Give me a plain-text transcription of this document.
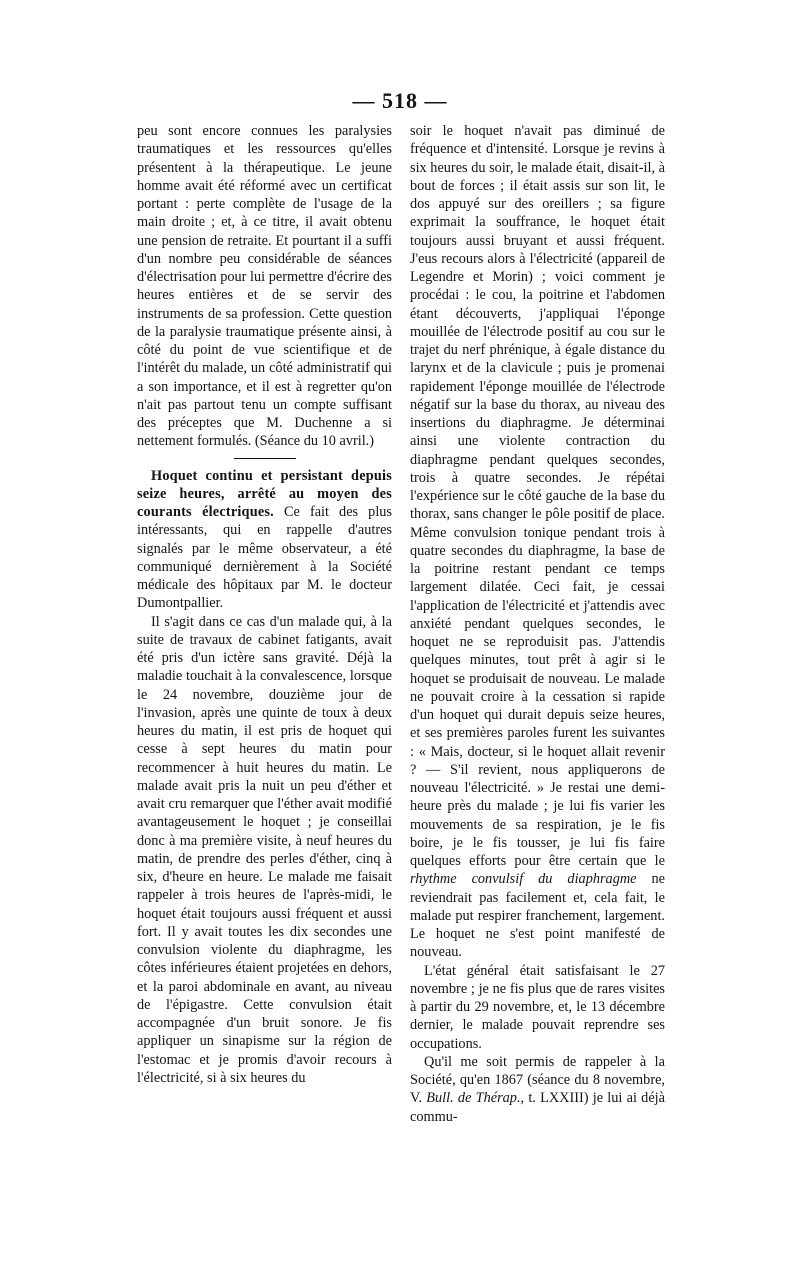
— 518 —

peu sont encore connues les paralysies traumatiques et les ressources qu'elles présentent à la thérapeutique. Le jeune homme avait été réformé avec un certificat portant : perte complète de l'usage de la main droite ; et, à ce titre, il avait obtenu une pension de retraite. Et pourtant il a suffi d'un nombre peu considérable de séances d'électrisation pour lui permettre d'écrire des heures entières et de se servir des instruments de sa profession. Cette question de la paralysie traumatique présente ainsi, à côté du point de vue scientifique et de l'intérêt du malade, un côté administratif qui a son importance, et il est à regretter qu'on n'ait pas partout tenu un compte suffisant des préceptes que M. Duchenne a si nettement formulés. (Séance du 10 avril.)

Hoquet continu et persistant depuis seize heures, arrêté au moyen des courants électriques. Ce fait des plus intéressants, qui en rappelle d'autres signalés par le même observateur, a été communiqué dernièrement à la Société médicale des hôpitaux par M. le docteur Dumontpallier.

Il s'agit dans ce cas d'un malade qui, à la suite de travaux de cabinet fatigants, avait été pris d'un ictère sans gravité. Déjà la maladie touchait à la convalescence, lorsque le 24 novembre, douzième jour de l'invasion, après une quinte de toux à deux heures du matin, il est pris de hoquet qui cesse à sept heures du matin pour recommencer à huit heures du matin. Le malade avait pris la nuit un peu d'éther et avait cru remarquer que l'éther avait modifié avantageusement le hoquet ; je conseillai donc à ma première visite, à neuf heures du matin, de prendre des perles d'éther, cinq à six, d'heure en heure. Le malade me faisait rappeler à trois heures de l'après-midi, le hoquet était toujours aussi fréquent et aussi fort. Il y avait toutes les dix secondes une convulsion violente du diaphragme, les côtes inférieures étaient projetées en dehors, et la paroi abdominale en avant, au niveau de l'épigastre. Cette convulsion était accompagnée d'un bruit sonore. Je fis appliquer un sinapisme sur la région de l'estomac et je promis d'avoir recours à l'électricité, si à six heures du

soir le hoquet n'avait pas diminué de fréquence et d'intensité. Lorsque je revins à six heures du soir, le malade était, disait-il, à bout de forces ; il était assis sur son lit, le dos appuyé sur des oreillers ; sa figure exprimait la souffrance, le hoquet était toujours aussi bruyant et aussi fréquent. J'eus recours alors à l'électricité (appareil de Legendre et Morin) ; voici comment je procédai : le cou, la poitrine et l'abdomen étant découverts, j'appliquai l'éponge mouillée de l'électrode positif au cou sur le trajet du nerf phrénique, à égale distance du larynx et de la clavicule ; puis je promenai rapidement l'éponge mouillée de l'électrode négatif sur la base du thorax, au niveau des insertions du diaphragme. Je déterminai ainsi une violente contraction du diaphragme pendant quelques secondes, trois à quatre secondes. Je répétai l'expérience sur le côté gauche de la base du thorax, sans changer le pôle positif de place. Même convulsion tonique pendant trois à quatre secondes du diaphragme, la base de la poitrine restant pendant ce temps largement dilatée. Ceci fait, je cessai l'application de l'électricité et j'attendis avec anxiété pendant quelques secondes, le hoquet ne se reproduisit pas. J'attendis quelques minutes, tout prêt à agir si le hoquet se produisait de nouveau. Le malade ne pouvait croire à la cessation si rapide d'un hoquet qui durait depuis seize heures, et ses premières paroles furent les suivantes : « Mais, docteur, si le hoquet allait revenir ? — S'il revient, nous appliquerons de nouveau l'électricité. » Je restai une demi-heure près du malade ; je lui fis varier les mouvements de sa respiration, je le fis boire, je le fis tousser, je lui fis faire quelques efforts pour être certain que le rhythme convulsif du diaphragme ne reviendrait pas facilement et, cela fait, le malade put respirer franchement, largement. Le hoquet ne s'est point manifesté de nouveau.

L'état général était satisfaisant le 27 novembre ; je ne fis plus que de rares visites à partir du 29 novembre, et, le 13 décembre dernier, le malade pouvait reprendre ses occupations.

Qu'il me soit permis de rappeler à la Société, qu'en 1867 (séance du 8 novembre, V. Bull. de Thérap., t. LXXIII) je lui ai déjà commu-
